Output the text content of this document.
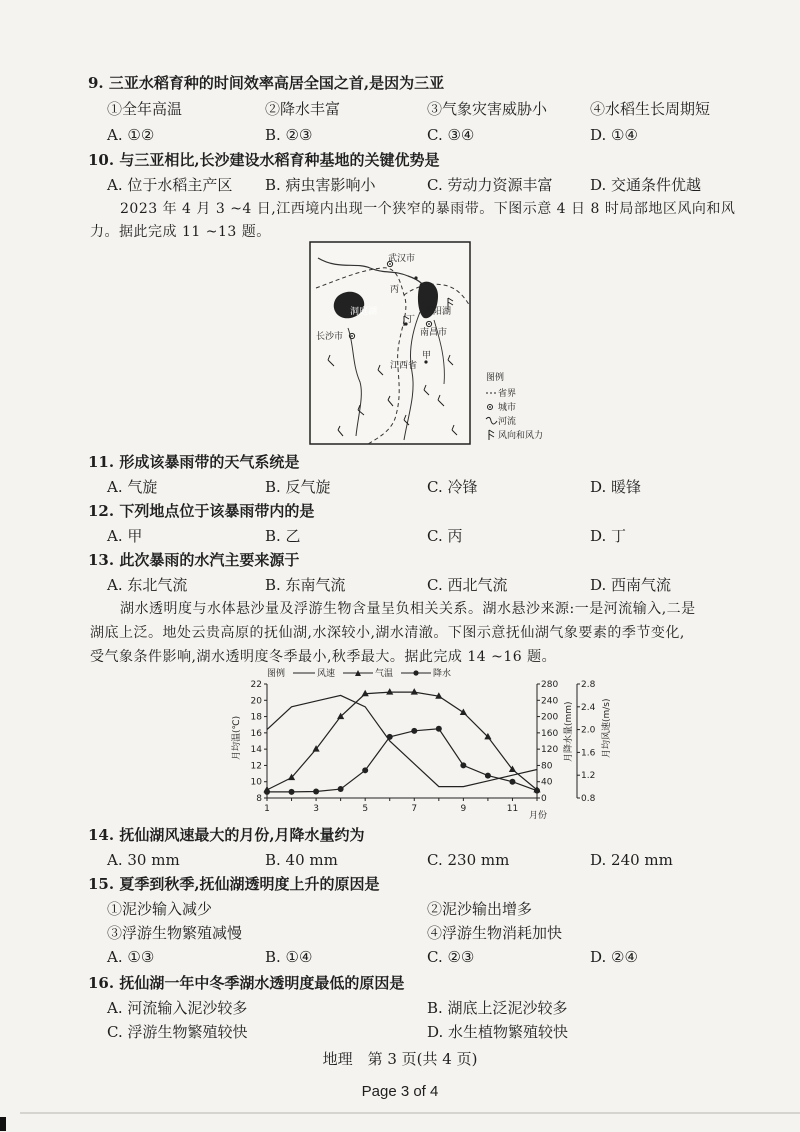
9. 三亚水稻育种的时间效率高居全国之首,是因为三亚
①全年高温	②降水丰富	③气象灾害威胁小	④水稻生长周期短
A. ①②	B. ②③	C. ③④	D. ①④
10. 与三亚相比,长沙建设水稻育种基地的关键优势是
A. 位于水稻主产区 B. 病虫害影响小	C. 劳动力资源丰富	D. 交通条件优越
2023 年 4 月 3 ~4 日,江西境内出现一个狭窄的暴雨带。下图示意 4 日 8 时局部地区风向和风
力。据此完成 11 ~13 题。
武汉市
洞庭湖	鄱阳湖
南昌市
长沙市
江西省
甲
丙
丁
图例
省界
城市
河流
风向和风力
11. 形成该暴雨带的天气系统是
A. 气旋	B. 反气旋	C. 冷锋	D. 暖锋
12. 下列地点位于该暴雨带内的是
A. 甲	B. 乙	C. 丙	D. 丁
13. 此次暴雨的水汽主要来源于
A. 东北气流	B. 东南气流	C. 西北气流	D. 西南气流
湖水透明度与水体悬沙量及浮游生物含量呈负相关关系。湖水悬沙来源:一是河流输入,二是
湖底上泛。地处云贵高原的抚仙湖,水深较小,湖水清澈。下图示意抚仙湖气象要素的季节变化,
受气象条件影响,湖水透明度冬季最小,秋季最大。据此完成 14 ~16 题。
8
10
12
14
16
18
20
22
0
40
80
120
160
200
240
280
0.8
1.2
1.6
2.0
2.4
2.8
1	3	5	7	9	11
图例	风速	气温	降水
月均温(℃)	月降水量(mm)	月均风速(m/s)
月份
14. 抚仙湖风速最大的月份,月降水量约为
A. 30 mm	B. 40 mm	C. 230 mm	D. 240 mm
15. 夏季到秋季,抚仙湖透明度上升的原因是
①泥沙输入减少	②泥沙输出增多
③浮游生物繁殖减慢	④浮游生物消耗加快
A. ①③	B. ①④	C. ②③	D. ②④
16. 抚仙湖一年中冬季湖水透明度最低的原因是
A. 河流输入泥沙较多	B. 湖底上泛泥沙较多
C. 浮游生物繁殖较快	D. 水生植物繁殖较快
地理　第 3 页(共 4 页)
Page 3 of 4
